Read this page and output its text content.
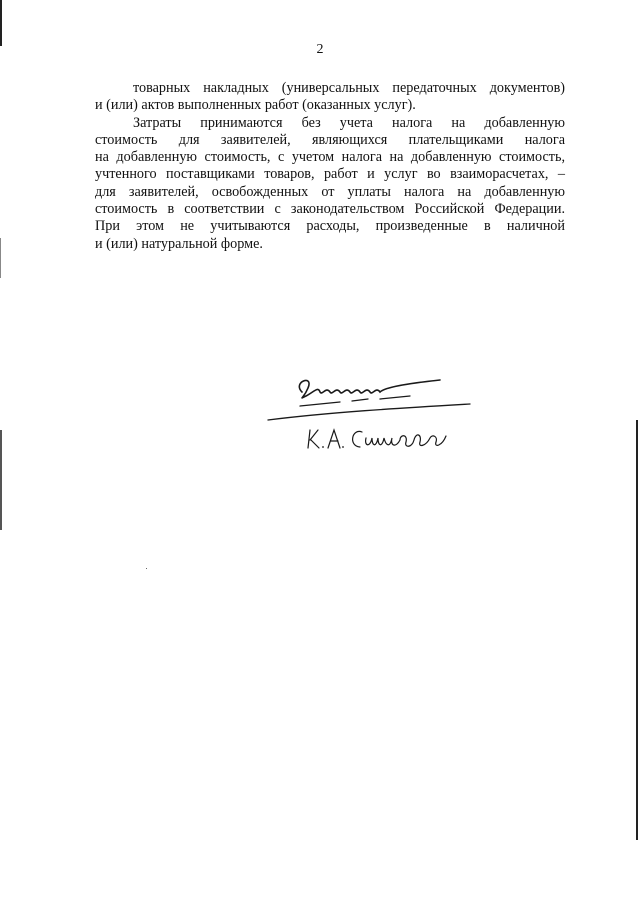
2

товарных накладных (универсальных передаточных документов)
и (или) актов выполненных работ (оказанных услуг).

Затраты принимаются без учета налога на добавленную
стоимость для заявителей, являющихся плательщиками налога
на добавленную стоимость, с учетом налога на добавленную стоимость,
учтенного поставщиками товаров, работ и услуг во взаиморасчетах, –
для заявителей, освобожденных от уплаты налога на добавленную
стоимость в соответствии с законодательством Российской Федерации.
При этом не учитываются расходы, произведенные в наличной
и (или) натуральной форме.
